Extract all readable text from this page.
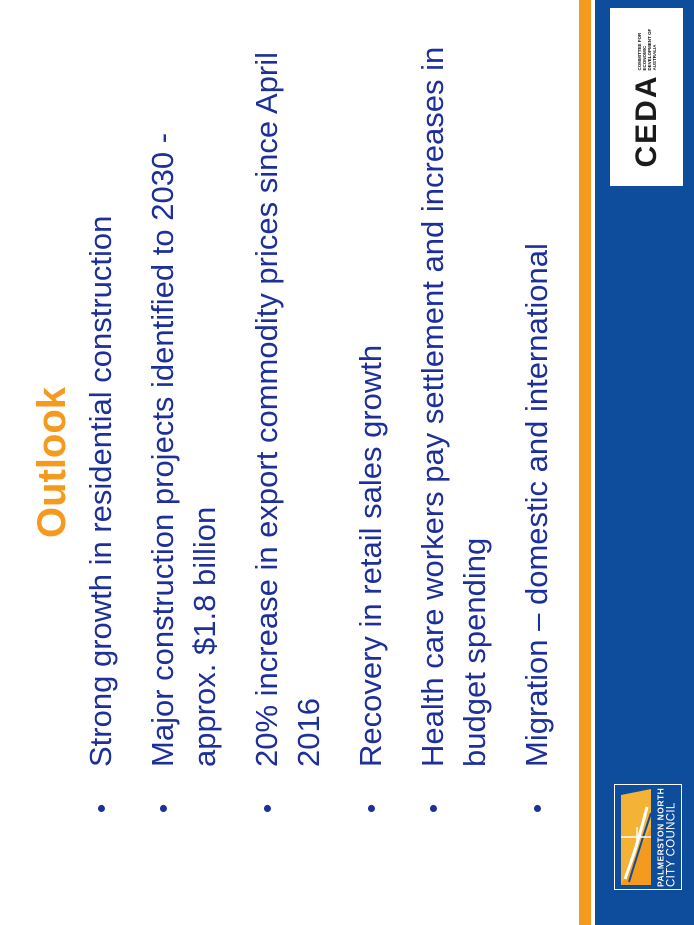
CEDA
COMMITTEE FOR ECONOMIC DEVELOPMENT OF AUSTRALIA
PALMERSTON NORTH CITY COUNCIL
Outlook • Strong growth in residential construction • Major construction projects identified to 2030 - approx. $1.8 billion • 20% increase in export commodity prices since April 2016 • Recovery in retail sales growth • Health care workers pay settlement and increases in budget spending • Migration – domestic and international
